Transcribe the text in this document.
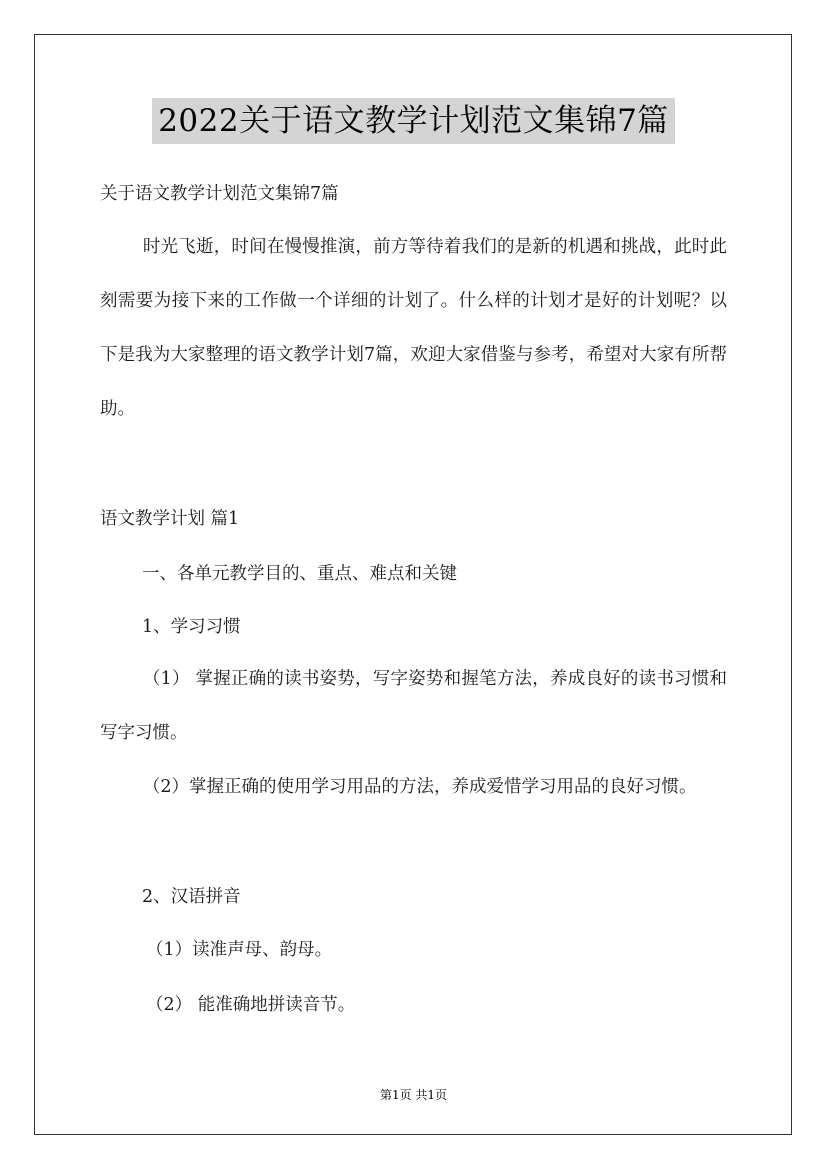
2022关于语文教学计划范文集锦7篇
关于语文教学计划范文集锦7篇
时光飞逝，时间在慢慢推演，前方等待着我们的是新的机遇和挑战，此时此刻需要为接下来的工作做一个详细的计划了。什么样的计划才是好的计划呢？以下是我为大家整理的语文教学计划7篇，欢迎大家借鉴与参考，希望对大家有所帮助。
语文教学计划 篇1
一、各单元教学目的、重点、难点和关键
1、学习习惯
（1） 掌握正确的读书姿势，写字姿势和握笔方法，养成良好的读书习惯和写字习惯。
（2）掌握正确的使用学习用品的方法，养成爱惜学习用品的良好习惯。
2、汉语拼音
（1）读准声母、韵母。
（2） 能准确地拼读音节。
第1页 共1页
